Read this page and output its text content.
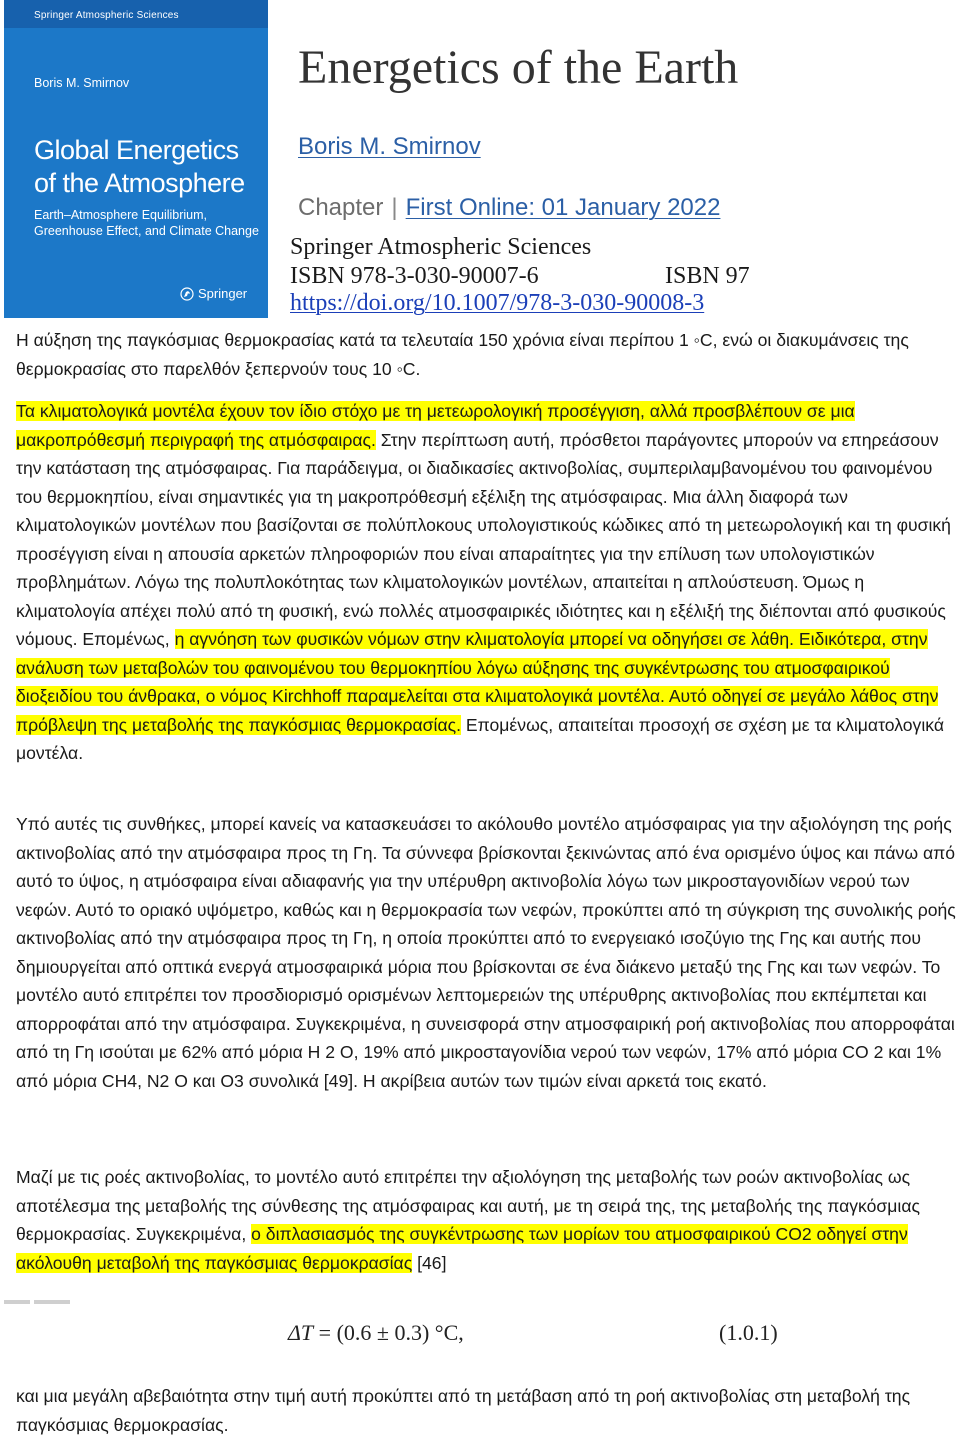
Springer Atmospheric Sciences
Boris M. Smirnov
Global Energetics
of the Atmosphere
Earth–Atmosphere Equilibrium,
Greenhouse Effect, and Climate Change
Springer
Energetics of the Earth
Boris M. Smirnov
Chapter | First Online: 01 January 2022
Springer Atmospheric Sciences
ISBN 978-3-030-90007-6	ISBN 97
https://doi.org/10.1007/978-3-030-90008-3
Η αύξηση της παγκόσμιας θερμοκρασίας κατά τα τελευταία 150 χρόνια είναι περίπου 1 ◦C, ενώ οι διακυμάνσεις της θερμοκρασίας στο παρελθόν ξεπερνούν τους 10 ◦C.
Τα κλιματολογικά μοντέλα έχουν τον ίδιο στόχο με τη μετεωρολογική προσέγγιση, αλλά προσβλέπουν σε μια μακροπρόθεσμή περιγραφή της ατμόσφαιρας. Στην περίπτωση αυτή, πρόσθετοι παράγοντες μπορούν να επηρεάσουν την κατάσταση της ατμόσφαιρας. Για παράδειγμα, οι διαδικασίες ακτινοβολίας, συμπεριλαμβανομένου του φαινομένου του θερμοκηπίου, είναι σημαντικές για τη μακροπρόθεσμή εξέλιξη της ατμόσφαιρας. Μια άλλη διαφορά των κλιματολογικών μοντέλων που βασίζονται σε πολύπλοκους υπολογιστικούς κώδικες από τη μετεωρολογική και τη φυσική προσέγγιση είναι η απουσία αρκετών πληροφοριών που είναι απαραίτητες για την επίλυση των υπολογιστικών προβλημάτων. Λόγω της πολυπλοκότητας των κλιματολογικών μοντέλων, απαιτείται η απλούστευση. Όμως η κλιματολογία απέχει πολύ από τη φυσική, ενώ πολλές ατμοσφαιρικές ιδιότητες και η εξέλιξή της διέπονται από φυσικούς νόμους. Επομένως, η αγνόηση των φυσικών νόμων στην κλιματολογία μπορεί να οδηγήσει σε λάθη. Ειδικότερα, στην ανάλυση των μεταβολών του φαινομένου του θερμοκηπίου λόγω αύξησης της συγκέντρωσης του ατμοσφαιρικού διοξειδίου του άνθρακα, ο νόμος Kirchhoff παραμελείται στα κλιματολογικά μοντέλα. Αυτό οδηγεί σε μεγάλο λάθος στην πρόβλεψη της μεταβολής της παγκόσμιας θερμοκρασίας. Επομένως, απαιτείται προσοχή σε σχέση με τα κλιματολογικά μοντέλα.
Υπό αυτές τις συνθήκες, μπορεί κανείς να κατασκευάσει το ακόλουθο μοντέλο ατμόσφαιρας για την αξιολόγηση της ροής ακτινοβολίας από την ατμόσφαιρα προς τη Γη. Τα σύννεφα βρίσκονται ξεκινώντας από ένα ορισμένο ύψος και πάνω από αυτό το ύψος, η ατμόσφαιρα είναι αδιαφανής για την υπέρυθρη ακτινοβολία λόγω των μικροσταγονιδίων νερού των νεφών. Αυτό το οριακό υψόμετρο, καθώς και η θερμοκρασία των νεφών, προκύπτει από τη σύγκριση της συνολικής ροής ακτινοβολίας από την ατμόσφαιρα προς τη Γη, η οποία προκύπτει από το ενεργειακό ισοζύγιο της Γης και αυτής που δημιουργείται από οπτικά ενεργά ατμοσφαιρικά μόρια που βρίσκονται σε ένα διάκενο μεταξύ της Γης και των νεφών. Το μοντέλο αυτό επιτρέπει τον προσδιορισμό ορισμένων λεπτομερειών της υπέρυθρης ακτινοβολίας που εκπέμπεται και απορροφάται από την ατμόσφαιρα. Συγκεκριμένα, η συνεισφορά στην ατμοσφαιρική ροή ακτινοβολίας που απορροφάται από τη Γη ισούται με 62% από μόρια H 2 O, 19% από μικροσταγονίδια νερού των νεφών, 17% από μόρια CO 2 και 1% από μόρια CH4, N2 O και O3 συνολικά [49]. Η ακρίβεια αυτών των τιμών είναι αρκετά τοις εκατό.
Μαζί με τις ροές ακτινοβολίας, το μοντέλο αυτό επιτρέπει την αξιολόγηση της μεταβολής των ροών ακτινοβολίας ως αποτέλεσμα της μεταβολής της σύνθεσης της ατμόσφαιρας και αυτή, με τη σειρά της, της μεταβολής της παγκόσμιας θερμοκρασίας. Συγκεκριμένα, ο διπλασιασμός της συγκέντρωσης των μορίων του ατμοσφαιρικού CO2 οδηγεί στην ακόλουθη μεταβολή της παγκόσμιας θερμοκρασίας [46]
ΔT = (0.6 ± 0.3) °C,	(1.0.1)
και μια μεγάλη αβεβαιότητα στην τιμή αυτή προκύπτει από τη μετάβαση από τη ροή ακτινοβολίας στη μεταβολή της παγκόσμιας θερμοκρασίας.
